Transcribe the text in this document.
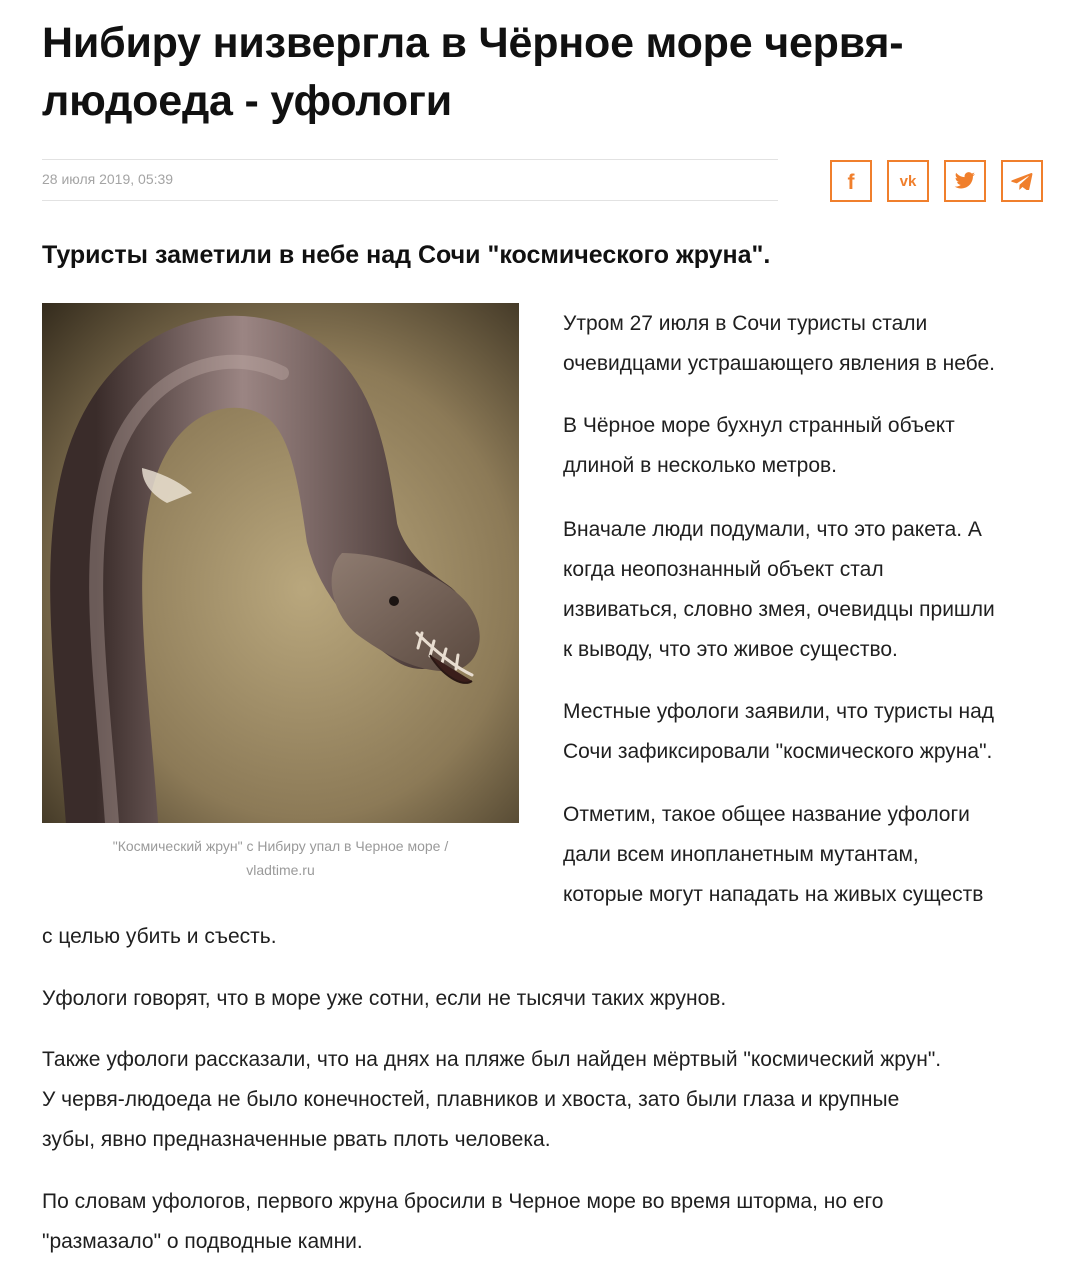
Нибиру низвергла в Чёрное море червя-
людоеда - уфологи
28 июля 2019, 05:39	f	vk
Туристы заметили в небе над Сочи "космического жруна".
"Космический жрун" с Нибиру упал в Черное море /
vladtime.ru
Утром 27 июля в Сочи туристы стали
очевидцами устрашающего явления в небе.
В Чёрное море бухнул странный объект
длиной в несколько метров.
Вначале люди подумали, что это ракета. А
когда неопознанный объект стал
извиваться, словно змея, очевидцы пришли
к выводу, что это живое существо.
Местные уфологи заявили, что туристы над
Сочи зафиксировали "космического жруна".
Отметим, такое общее название уфологи
дали всем инопланетным мутантам,
которые могут нападать на живых существ
с целью убить и съесть.
Уфологи говорят, что в море уже сотни, если не тысячи таких жрунов.
Также уфологи рассказали, что на днях на пляже был найден мёртвый "космический жрун".
У червя-людоеда не было конечностей, плавников и хвоста, зато были глаза и крупные
зубы, явно предназначенные рвать плоть человека.
По словам уфологов, первого жруна бросили в Черное море во время шторма, но его
"размазало" о подводные камни.
